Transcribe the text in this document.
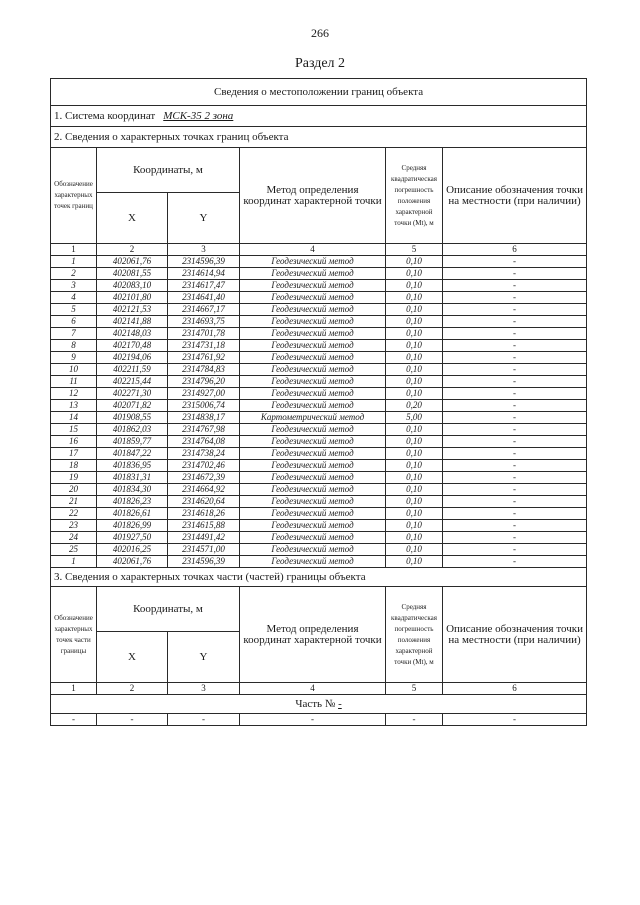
266
Раздел 2
Сведения о местоположении границ объекта					
1. Система координат МСК-35 2 зона					
2. Сведения о характерных точках границ объекта					
Обозначение характерных точек границ	Координаты, м		Метод определения координат характерной точки	Средняя квадратическая погрешность положения характерной точки (Mt), м	Описание обозначения точки на местности (при наличии)
	X	Y			
1	2	3	4	5	6
1	402061,76	2314596,39	Геодезический метод	0,10	-
2	402081,55	2314614,94	Геодезический метод	0,10	-
3	402083,10	2314617,47	Геодезический метод	0,10	-
4	402101,80	2314641,40	Геодезический метод	0,10	-
5	402121,53	2314667,17	Геодезический метод	0,10	-
6	402141,88	2314693,75	Геодезический метод	0,10	-
7	402148,03	2314701,78	Геодезический метод	0,10	-
8	402170,48	2314731,18	Геодезический метод	0,10	-
9	402194,06	2314761,92	Геодезический метод	0,10	-
10	402211,59	2314784,83	Геодезический метод	0,10	-
11	402215,44	2314796,20	Геодезический метод	0,10	-
12	402271,30	2314927,00	Геодезический метод	0,10	-
13	402071,82	2315006,74	Геодезический метод	0,20	-
14	401908,55	2314838,17	Картометрический метод	5,00	-
15	401862,03	2314767,98	Геодезический метод	0,10	-
16	401859,77	2314764,08	Геодезический метод	0,10	-
17	401847,22	2314738,24	Геодезический метод	0,10	-
18	401836,95	2314702,46	Геодезический метод	0,10	-
19	401831,31	2314672,39	Геодезический метод	0,10	-
20	401834,30	2314664,92	Геодезический метод	0,10	-
21	401826,23	2314620,64	Геодезический метод	0,10	-
22	401826,61	2314618,26	Геодезический метод	0,10	-
23	401826,99	2314615,88	Геодезический метод	0,10	-
24	401927,50	2314491,42	Геодезический метод	0,10	-
25	402016,25	2314571,00	Геодезический метод	0,10	-
1	402061,76	2314596,39	Геодезический метод	0,10	-
3. Сведения о характерных точках части (частей) границы объекта					
Обозначение характерных точек части границы	Координаты, м		Метод определения координат характерной точки	Средняя квадратическая погрешность положения характерной точки (Mt), м	Описание обозначения точки на местности (при наличии)
	X	Y			
1	2	3	4	5	6
Часть № -					
-	-	-	-	-	-
